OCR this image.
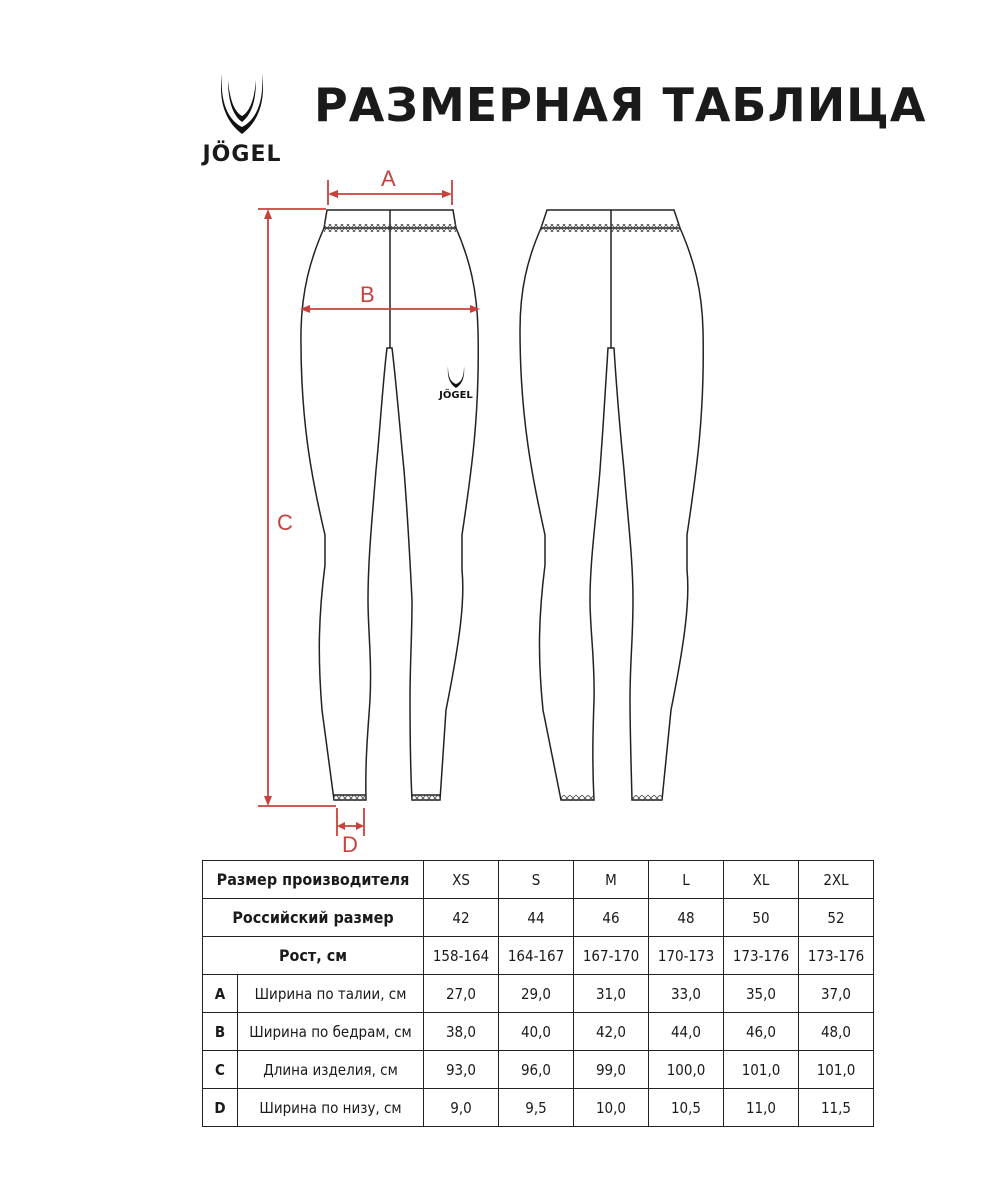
JÖGEL
РАЗМЕРНАЯ ТАБЛИЦА
JÖGEL
A
B
C
D
Размер производителя		XS	S	M	L	XL	2XL
Российский размер		42	44	46	48	50	52
Рост, см		158-164	164-167	167-170	170-173	173-176	173-176
A	Ширина по талии, см	27,0	29,0	31,0	33,0	35,0	37,0
B	Ширина по бедрам, см	38,0	40,0	42,0	44,0	46,0	48,0
C	Длина изделия, см	93,0	96,0	99,0	100,0	101,0	101,0
D	Ширина по низу, см	9,0	9,5	10,0	10,5	11,0	11,5
